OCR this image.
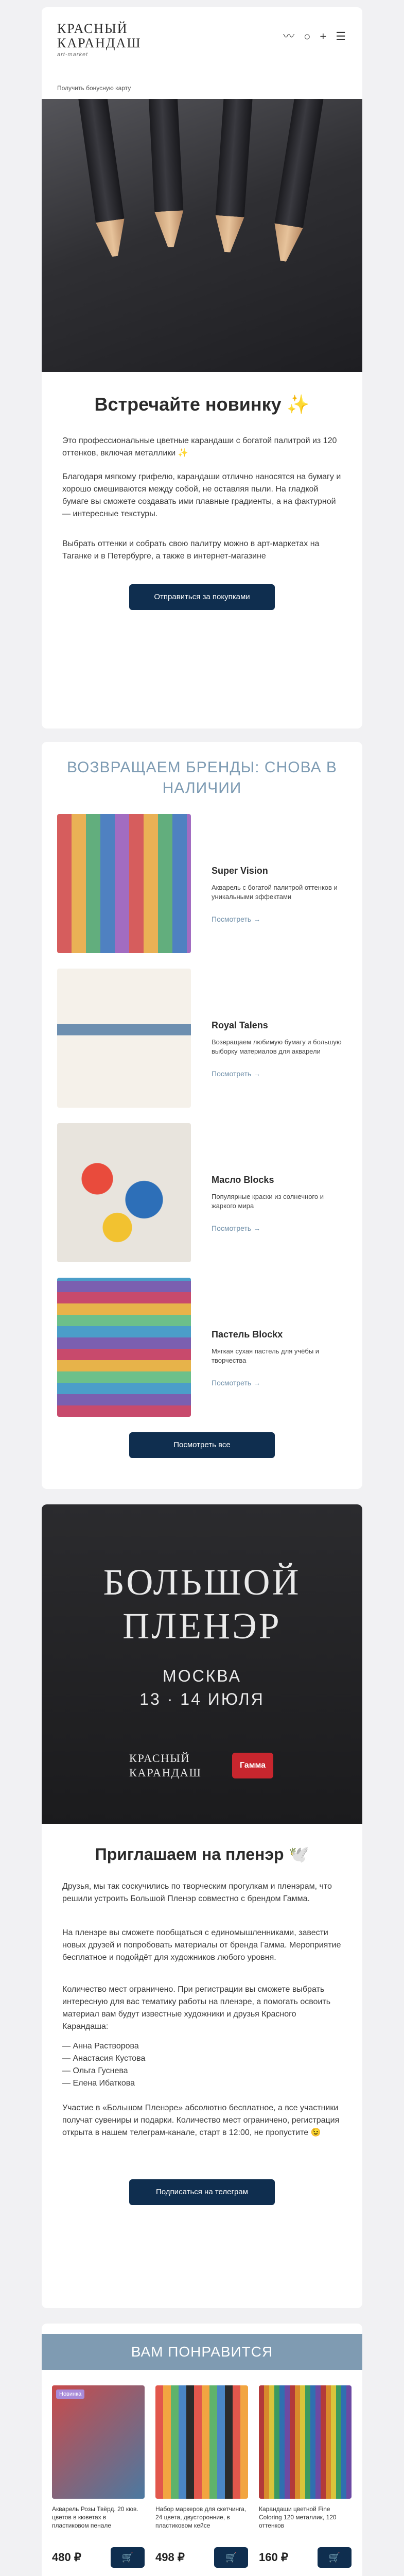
КРАСНЫЙ
КАРАНДАШ
art-market
〰 ○ + ☰
Получить бонусную карту
Встречайте новинку ✨
Это профессиональные цветные карандаши с богатой палитрой из 120 оттенков, включая металлики ✨
Благодаря мягкому грифелю, карандаши отлично наносятся на бумагу и хорошо смешиваются между собой, не оставляя пыли. На гладкой бумаге вы сможете создавать ими плавные градиенты, а на фактурной — интересные текстуры.
Выбрать оттенки и собрать свою палитру можно в арт-маркетах на Таганке и в Петербурге, а также в интернет-магазине
Отправиться за покупками
ВОЗВРАЩАЕМ БРЕНДЫ: СНОВА В НАЛИЧИИ
Super Vision
Акварель с богатой палитрой оттенков и уникальными эффектами
Посмотреть →
Royal Talens
Возвращаем любимую бумагу и большую выборку материалов для акварели
Посмотреть →
Масло Blocks
Популярные краски из солнечного и жаркого мира
Посмотреть →
Пастель Blockx
Мягкая сухая пастель для учёбы и творчества
Посмотреть →
Посмотреть все
БОЛЬШОЙ
ПЛЕНЭР
МОСКВА
13 · 14 ИЮЛЯ
КРАСНЫЙ
КАРАНДАШ
Гамма
Приглашаем на пленэр 🕊️
Друзья, мы так соскучились по творческим прогулкам и пленэрам, что решили устроить Большой Пленэр совместно с брендом Гамма.
На пленэре вы сможете пообщаться с единомышленниками, завести новых друзей и попробовать материалы от бренда Гамма. Мероприятие бесплатное и подойдёт для художников любого уровня.
Количество мест ограничено. При регистрации вы сможете выбрать интересную для вас тематику работы на пленэре, а помогать освоить материал вам будут известные художники и друзья Красного Карандаша:
— Анна Растворова
— Анастасия Кустова
— Ольга Гуснева
— Елена Ибаткова
Участие в «Большом Пленэре» абсолютно бесплатное, а все участники получат сувениры и подарки. Количество мест ограничено, регистрация открыта в нашем телеграм-канале, старт в 12:00, не пропустите 😉
Подписаться на телеграм
ВАМ ПОНРАВИТСЯ
Новинка
Акварель Розы Твёрд. 20 кюв. цветов в кюветах в пластиковом пенале
480 ₽	🛒
Набор маркеров для скетчинга, 24 цвета, двусторонние, в пластиковом кейсе
498 ₽	🛒
Карандаши цветной Fine Coloring 120 металлик, 120 оттенков
160 ₽	🛒
